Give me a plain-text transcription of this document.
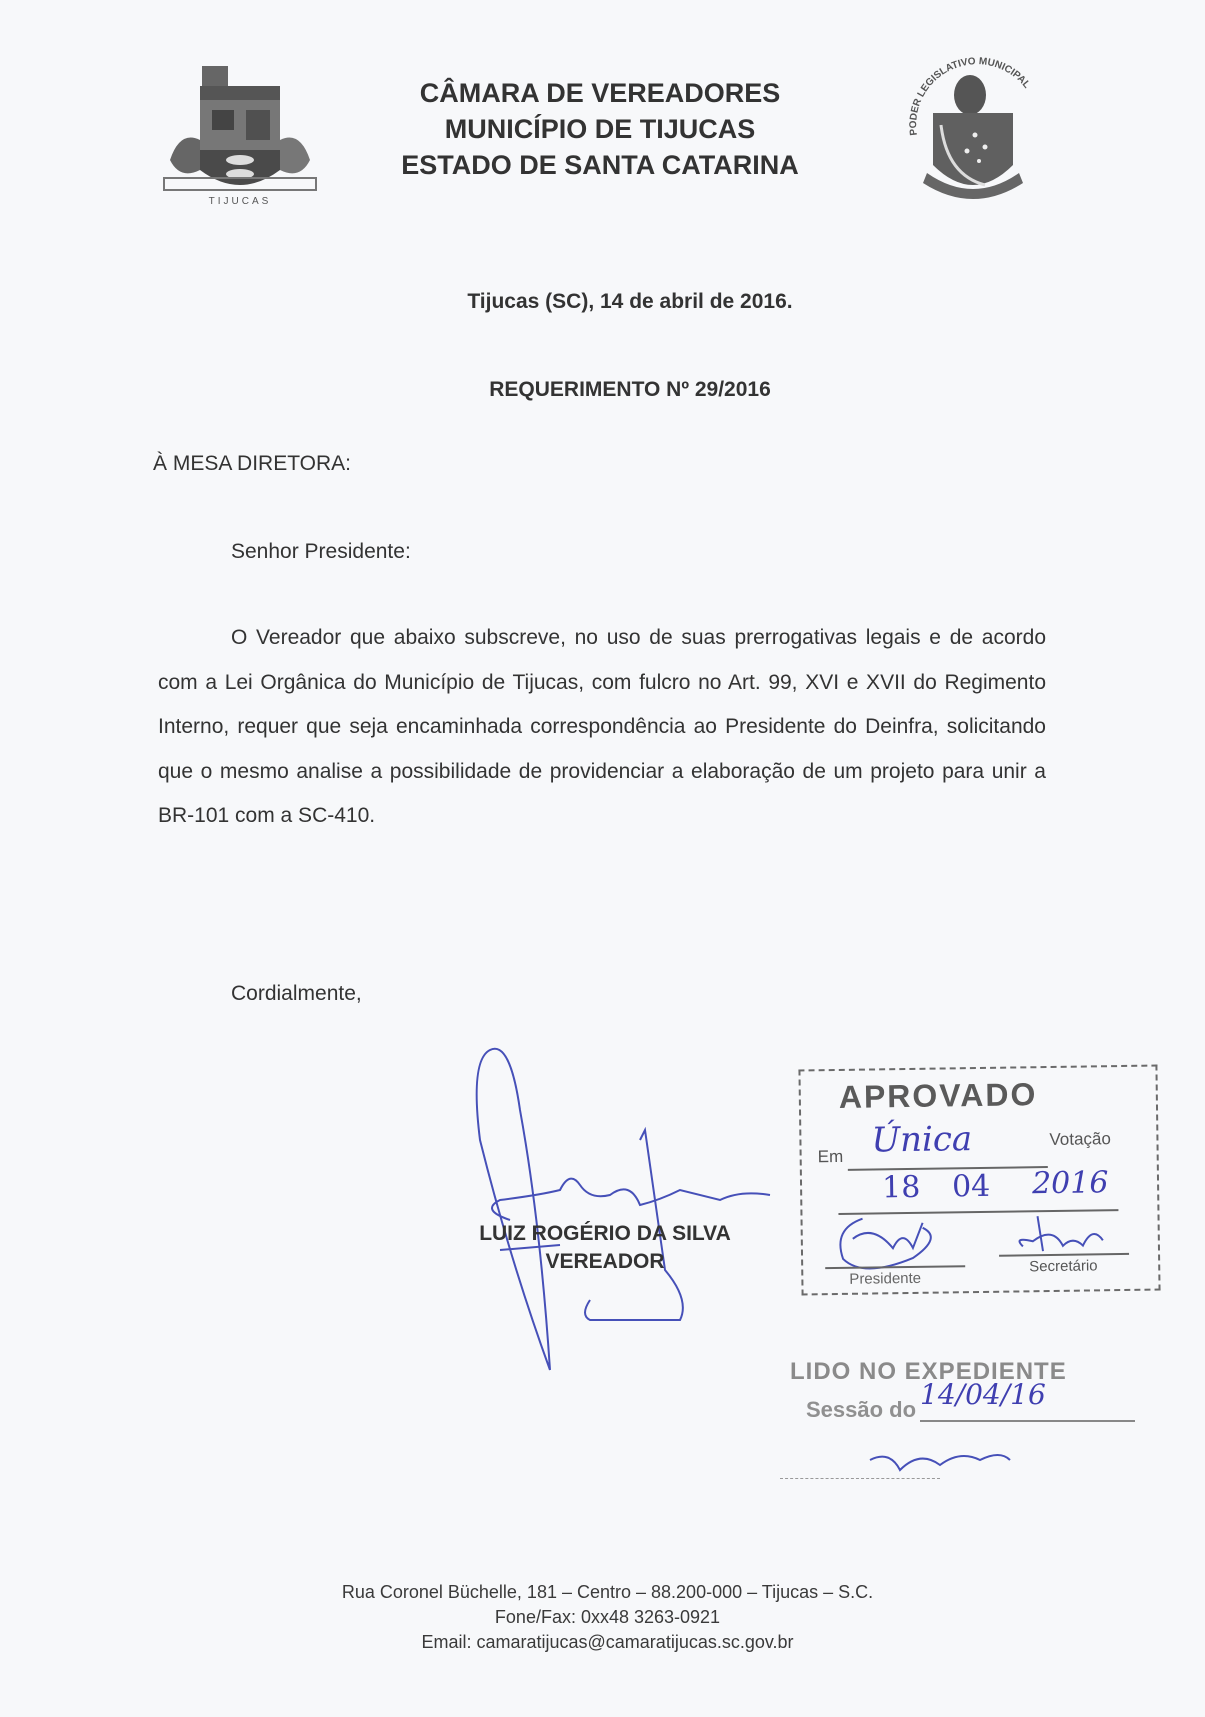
TIJUCAS
CÂMARA DE VEREADORES
MUNICÍPIO DE TIJUCAS
ESTADO DE SANTA CATARINA
PODER LEGISLATIVO MUNICIPAL
Tijucas (SC), 14 de abril de 2016.
REQUERIMENTO Nº 29/2016
À MESA DIRETORA:
Senhor Presidente:

O Vereador que abaixo subscreve, no uso de suas prerrogativas legais e de acordo com a Lei Orgânica do Município de Tijucas, com fulcro no Art. 99, XVI e XVII do Regimento Interno, requer que seja encaminhada correspondência ao Presidente do Deinfra, solicitando que o mesmo analise a possibilidade de providenciar a elaboração de um projeto para unir a BR-101 com a SC-410.

Cordialmente,
LUIZ ROGÉRIO DA SILVA
VEREADOR
APROVADO
Em Única	Votação
18 04 2016
Presidente
Secretário
LIDO NO EXPEDIENTE
Sessão do 14/04/16
Rua Coronel Büchelle, 181 – Centro – 88.200-000 – Tijucas – S.C.
Fone/Fax: 0xx48 3263-0921
Email: camaratijucas@camaratijucas.sc.gov.br
